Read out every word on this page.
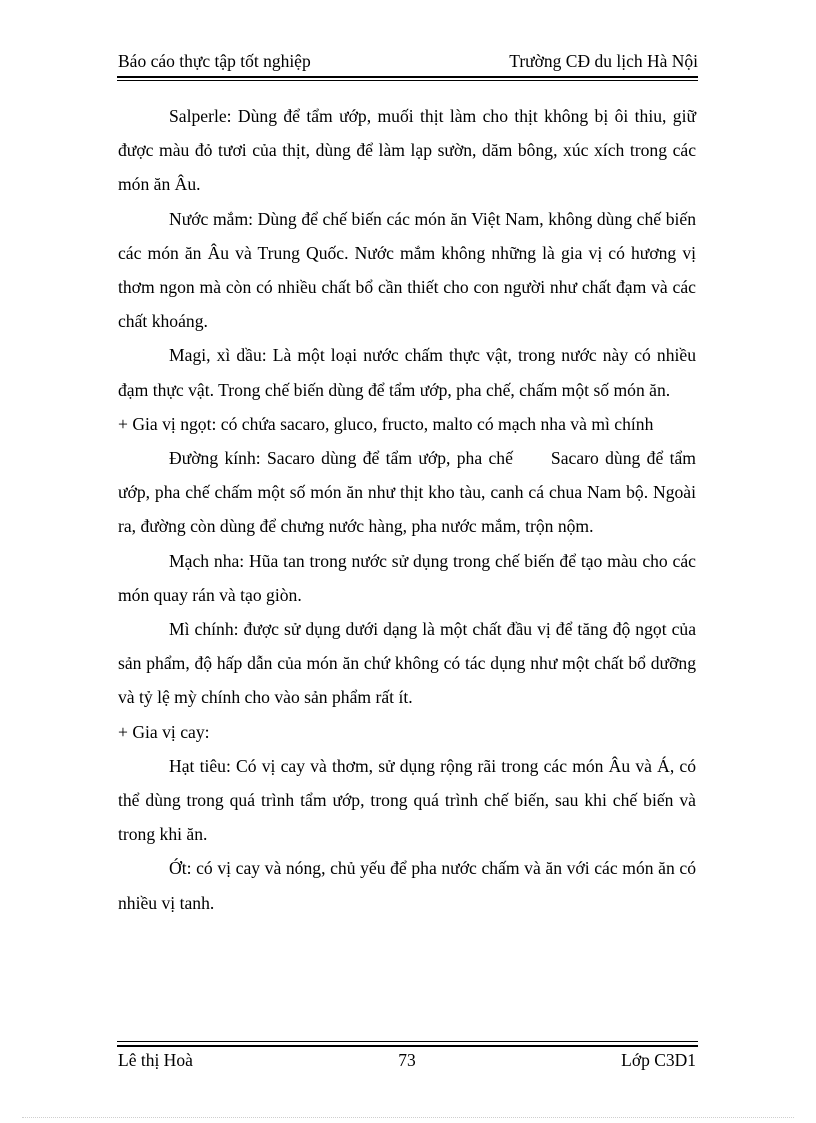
Báo cáo thực tập tốt nghiệp	Trường CĐ du lịch Hà Nội

Salperle: Dùng để tẩm ướp, muối thịt làm cho thịt không bị ôi thiu, giữ được màu đỏ tươi của thịt, dùng để làm lạp sườn, dăm bông, xúc xích trong các món ăn Âu.

Nước mắm: Dùng để chế biến các món ăn Việt Nam, không dùng chế biến các món ăn Âu và Trung Quốc. Nước mắm không những là gia vị có hương vị thơm ngon mà còn có nhiều chất bổ cần thiết cho con người như chất đạm và các chất khoáng.

Magi, xì dầu: Là một loại nước chấm thực vật, trong nước này có nhiều đạm thực vật. Trong chế biến dùng để tẩm ướp, pha chế, chấm một số món ăn.

+ Gia vị ngọt: có chứa sacaro, gluco, fructo, malto có mạch nha và mì chính

Đường kính: Sacaro dùng để tẩm ướp, pha chế      Sacaro dùng để tẩm ướp, pha chế chấm một số món ăn như thịt kho tàu, canh cá chua Nam bộ. Ngoài ra, đường còn dùng để chưng nước hàng, pha nước mắm, trộn nộm.

Mạch nha: Hũa tan trong nước sử dụng trong chế biến để tạo màu cho các món quay rán và tạo giòn.

Mì chính: được sử dụng dưới dạng là một chất đầu vị để tăng độ ngọt của sản phẩm, độ hấp dẫn của món ăn chứ không có tác dụng như một chất bổ dưỡng và tỷ lệ mỳ chính cho vào sản phẩm rất ít.

+ Gia vị cay:

Hạt tiêu: Có vị cay và thơm, sử dụng rộng rãi trong các món Âu và Á, có thể dùng trong quá trình tẩm ướp, trong quá trình chế biến, sau khi chế biến và trong khi ăn.

Ớt: có vị cay và nóng, chủ yếu để pha nước chấm và ăn với các món ăn có nhiều vị tanh.

Lê thị Hoà	73	Lớp C3D1
